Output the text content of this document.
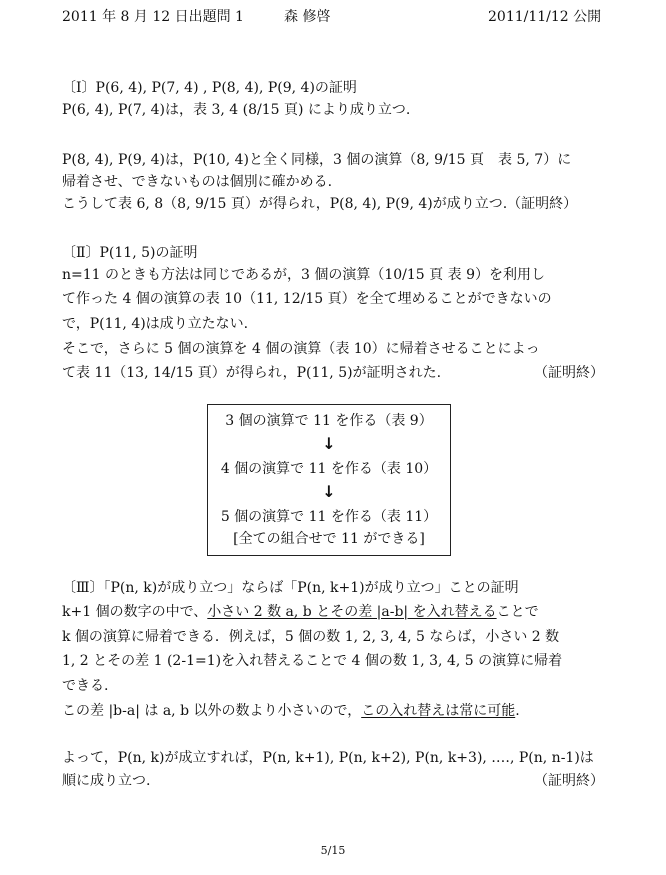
2011 年 8 月 12 日出題問 1	森 修啓	2011/11/12 公開
〔Ⅰ〕P(6, 4), P(7, 4) , P(8, 4), P(9, 4)の証明
P(6, 4), P(7, 4)は，表 3, 4 (8/15 頁) により成り立つ.
P(8, 4), P(9, 4)は，P(10, 4)と全く同様，3 個の演算（8, 9/15 頁　表 5, 7）に
帰着させ、できないものは個別に確かめる.
こうして表 6, 8（8, 9/15 頁）が得られ，P(8, 4), P(9, 4)が成り立つ.（証明終）
〔Ⅱ〕P(11, 5)の証明
n=11 のときも方法は同じであるが，3 個の演算（10/15 頁 表 9）を利用し
て作った 4 個の演算の表 10（11, 12/15 頁）を全て埋めることができないの
で，P(11, 4)は成り立たない.
そこで，さらに 5 個の演算を 4 個の演算（表 10）に帰着させることによっ
て表 11（13, 14/15 頁）が得られ，P(11, 5)が証明された.	（証明終）
3 個の演算で 11 を作る（表 9）
↓
4 個の演算で 11 を作る（表 10）
↓
5 個の演算で 11 を作る（表 11）
[全ての組合せで 11 ができる]
〔Ⅲ〕「P(n, k)が成り立つ」ならば「P(n, k+1)が成り立つ」ことの証明
k+1 個の数字の中で、小さい 2 数 a, b とその差 |a-b| を入れ替えることで
k 個の演算に帰着できる．例えば，5 個の数 1, 2, 3, 4, 5 ならば，小さい 2 数
1, 2 とその差 1 (2-1=1)を入れ替えることで 4 個の数 1, 3, 4, 5 の演算に帰着
できる.
この差 |b-a| は a, b 以外の数より小さいので，この入れ替えは常に可能.
よって，P(n, k)が成立すれば，P(n, k+1), P(n, k+2), P(n, k+3), ‥‥, P(n, n-1)は
順に成り立つ.	（証明終）
5/15
